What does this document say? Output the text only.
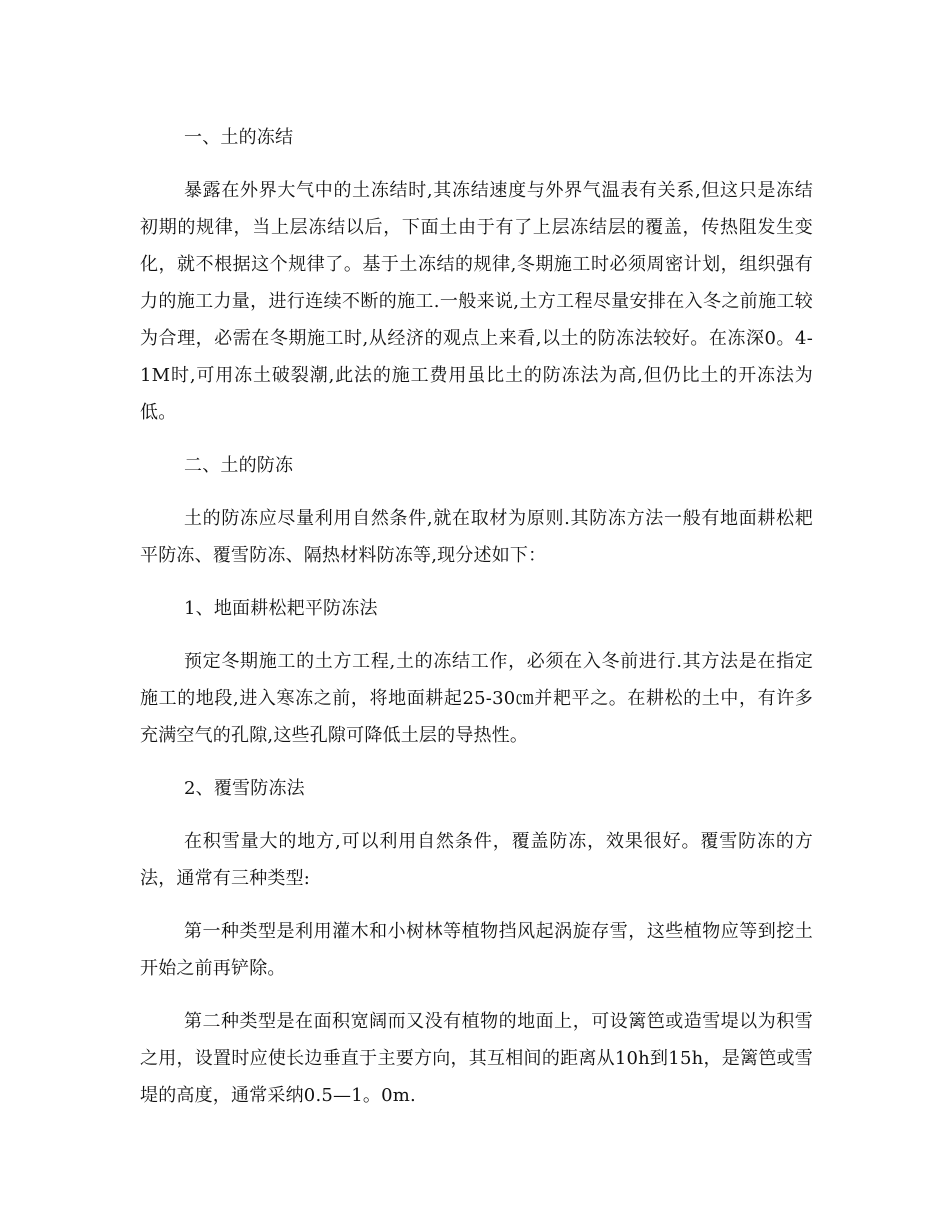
一、土的冻结

暴露在外界大气中的土冻结时,其冻结速度与外界气温表有关系,但这只是冻结初期的规律，当上层冻结以后，下面土由于有了上层冻结层的覆盖，传热阻发生变化，就不根据这个规律了。基于土冻结的规律,冬期施工时必须周密计划，组织强有力的施工力量，进行连续不断的施工.一般来说,土方工程尽量安排在入冬之前施工较为合理，必需在冬期施工时,从经济的观点上来看,以土的防冻法较好。在冻深0。4-1M时,可用冻土破裂潮,此法的施工费用虽比土的防冻法为高,但仍比土的开冻法为低。

二、土的防冻

土的防冻应尽量利用自然条件,就在取材为原则.其防冻方法一般有地面耕松耙平防冻、覆雪防冻、隔热材料防冻等,现分述如下：

1、地面耕松耙平防冻法

预定冬期施工的土方工程,土的冻结工作，必须在入冬前进行.其方法是在指定施工的地段,进入寒冻之前，将地面耕起25-30㎝并耙平之。在耕松的土中，有许多充满空气的孔隙,这些孔隙可降低土层的导热性。

2、覆雪防冻法

在积雪量大的地方,可以利用自然条件，覆盖防冻，效果很好。覆雪防冻的方法，通常有三种类型:

第一种类型是利用灌木和小树林等植物挡风起涡旋存雪，这些植物应等到挖土开始之前再铲除。

第二种类型是在面积宽阔而又没有植物的地面上，可设篱笆或造雪堤以为积雪之用，设置时应使长边垂直于主要方向，其互相间的距离从10h到15h，是篱笆或雪堤的高度，通常采纳0.5—1。0m.
